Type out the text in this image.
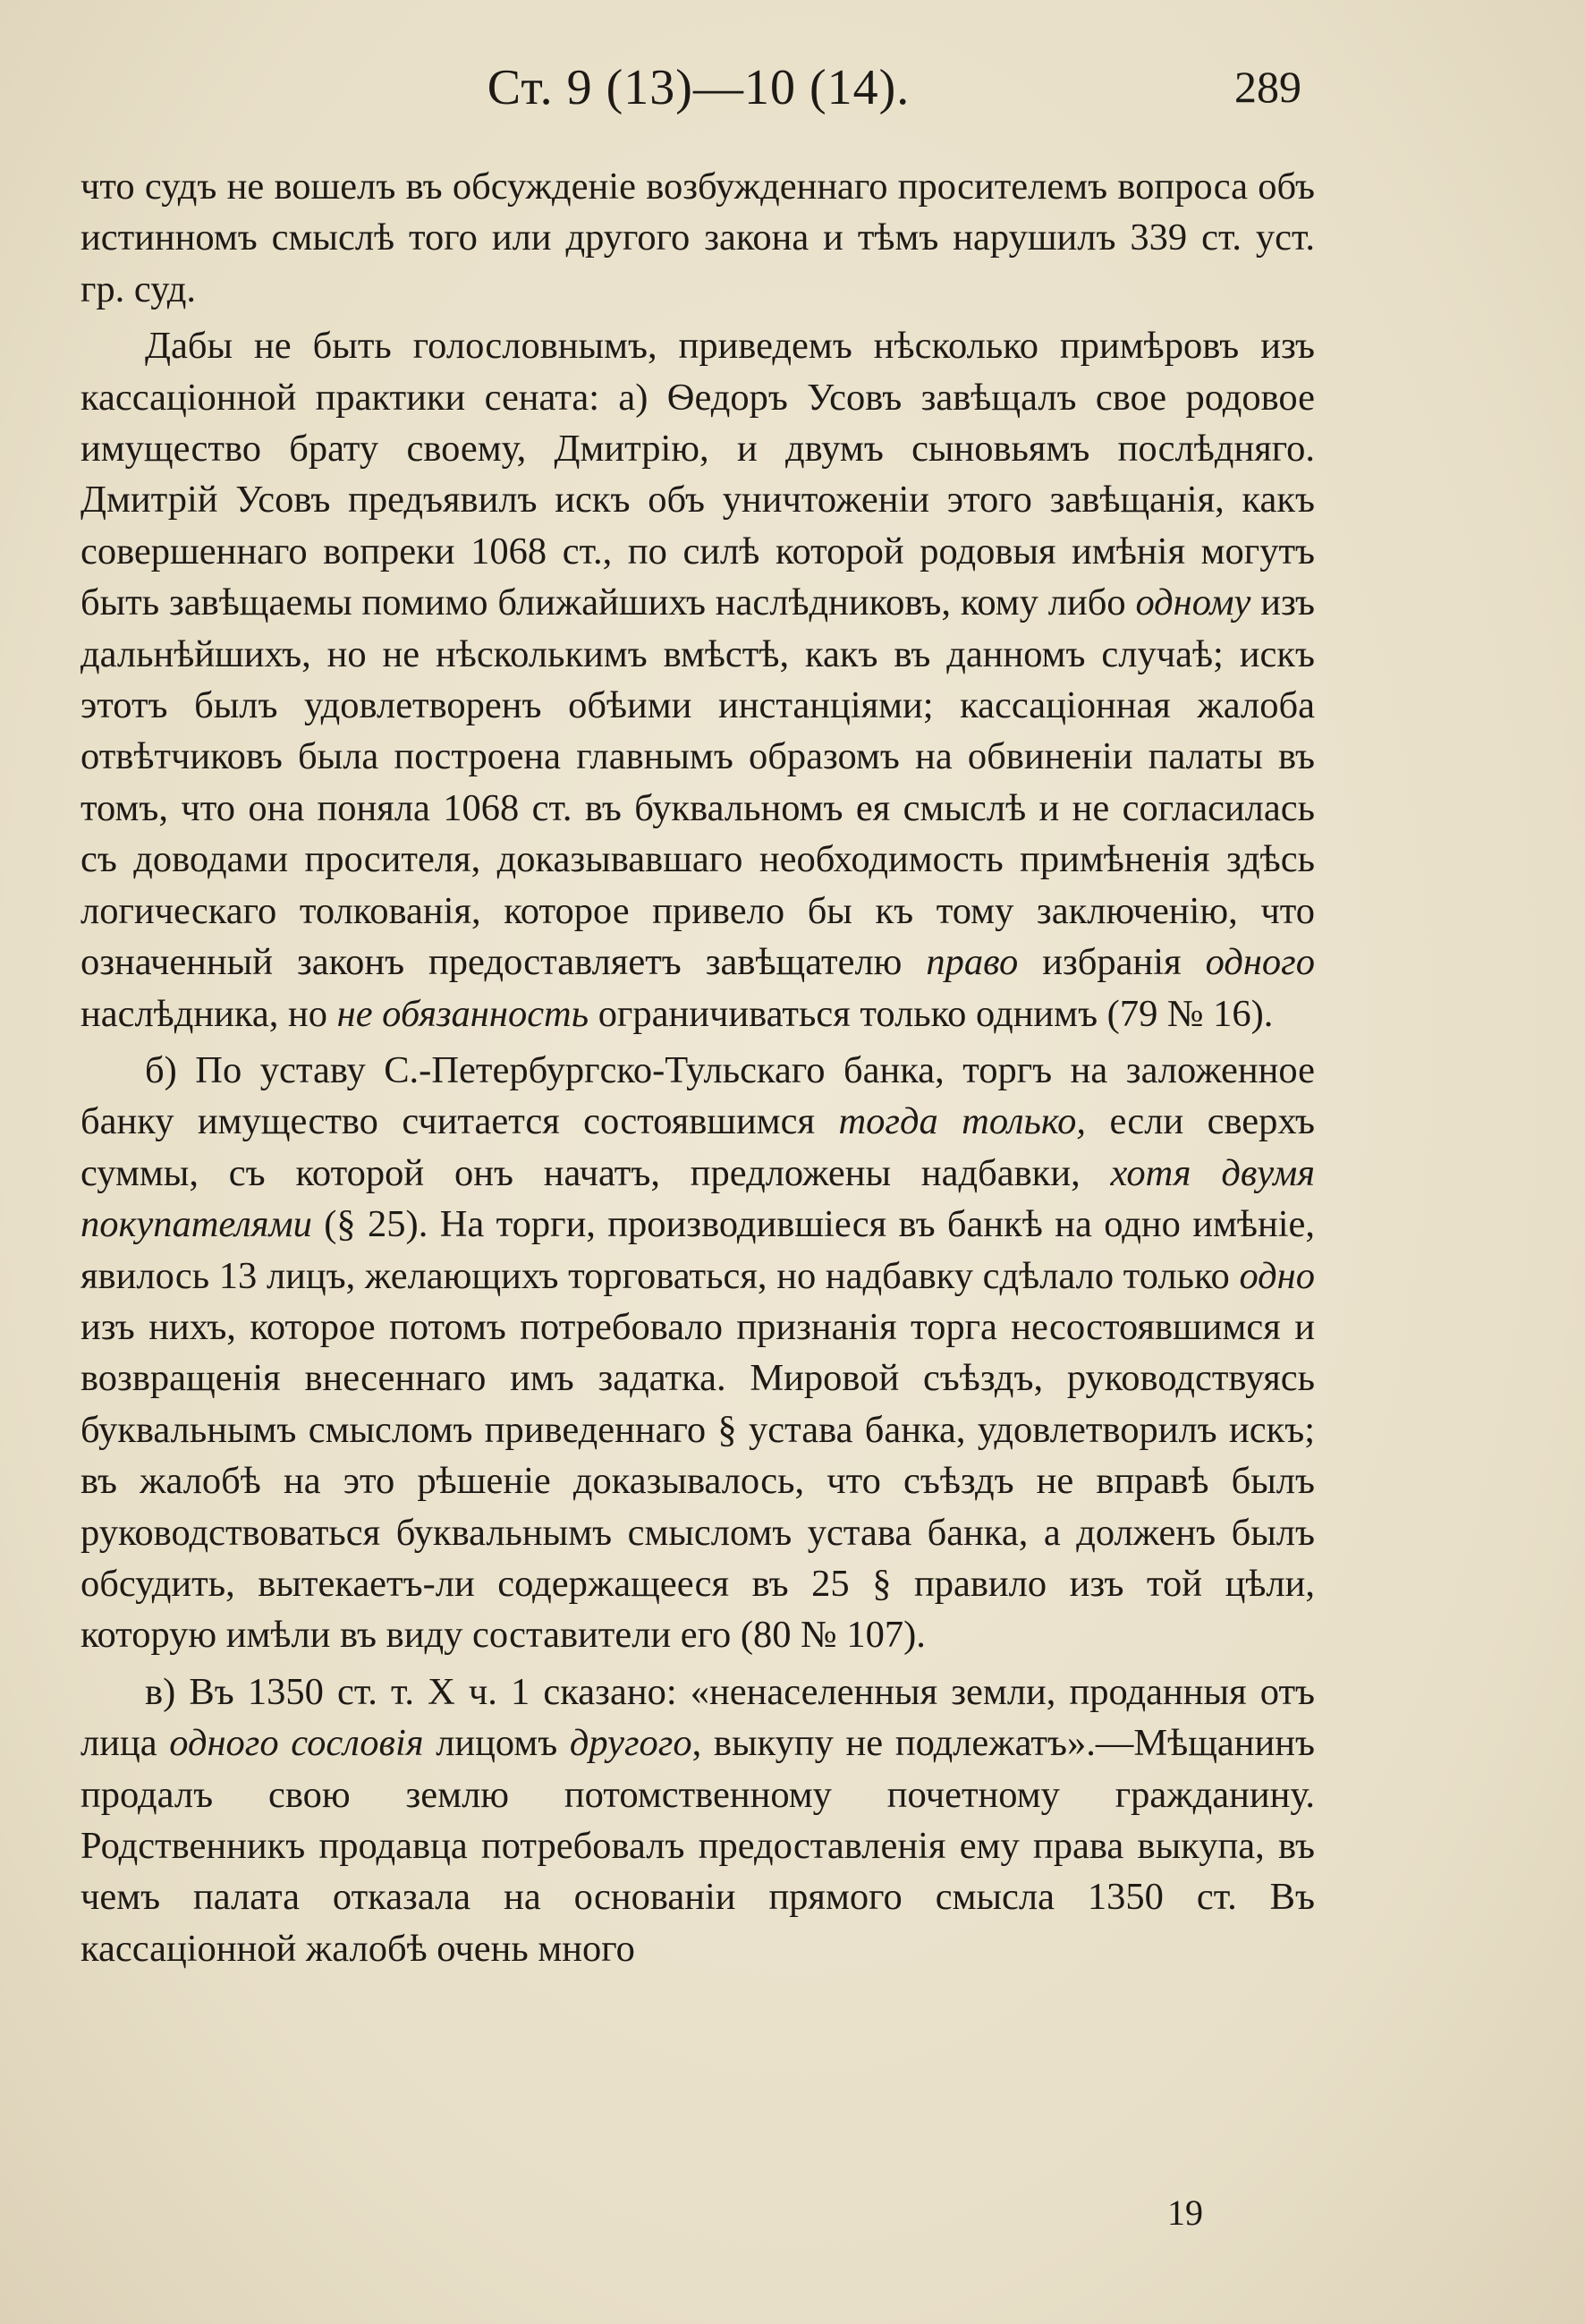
Ст. 9 (13)—10 (14).	289

что судъ не вошелъ въ обсужденіе возбужденнаго просителемъ вопроса объ истинномъ смыслѣ того или другого закона и тѣмъ нарушилъ 339 ст. уст. гр. суд.

Дабы не быть голословнымъ, приведемъ нѣсколько примѣровъ изъ кассаціонной практики сената: а) Ѳедоръ Усовъ завѣщалъ свое родовое имущество брату своему, Дмитрію, и двумъ сыновьямъ послѣдняго. Дмитрій Усовъ предъявилъ искъ объ уничтоженіи этого завѣщанія, какъ совершеннаго вопреки 1068 ст., по силѣ которой родовыя имѣнія могутъ быть завѣщаемы помимо ближайшихъ наслѣдниковъ, кому либо одному изъ дальнѣйшихъ, но не нѣсколькимъ вмѣстѣ, какъ въ данномъ случаѣ; искъ этотъ былъ удовлетворенъ обѣими инстанціями; кассаціонная жалоба отвѣтчиковъ была построена главнымъ образомъ на обвиненіи палаты въ томъ, что она поняла 1068 ст. въ буквальномъ ея смыслѣ и не согласилась съ доводами просителя, доказывавшаго необходимость примѣненія здѣсь логическаго толкованія, которое привело бы къ тому заключенію, что означенный законъ предоставляетъ завѣщателю право избранія одного наслѣдника, но не обязанность ограничиваться только однимъ (79 № 16).

б) По уставу С.-Петербургско-Тульскаго банка, торгъ на заложенное банку имущество считается состоявшимся тогда только, если сверхъ суммы, съ которой онъ начатъ, предложены надбавки, хотя двумя покупателями (§ 25). На торги, производившіеся въ банкѣ на одно имѣніе, явилось 13 лицъ, желающихъ торговаться, но надбавку сдѣлало только одно изъ нихъ, которое потомъ потребовало признанія торга несостоявшимся и возвращенія внесеннаго имъ задатка. Мировой съѣздъ, руководствуясь буквальнымъ смысломъ приведеннаго § устава банка, удовлетворилъ искъ; въ жалобѣ на это рѣшеніе доказывалось, что съѣздъ не вправѣ былъ руководствоваться буквальнымъ смысломъ устава банка, а долженъ былъ обсудить, вытекаетъ-ли содержащееся въ 25 § правило изъ той цѣли, которую имѣли въ виду составители его (80 № 107).

в) Въ 1350 ст. т. X ч. 1 сказано: «ненаселенныя земли, проданныя отъ лица одного сословія лицомъ другого, выкупу не подлежатъ».—Мѣщанинъ продалъ свою землю потомственному почетному гражданину. Родственникъ продавца потребовалъ предоставленія ему права выкупа, въ чемъ палата отказала на основаніи прямого смысла 1350 ст. Въ кассаціонной жалобѣ очень много

19
